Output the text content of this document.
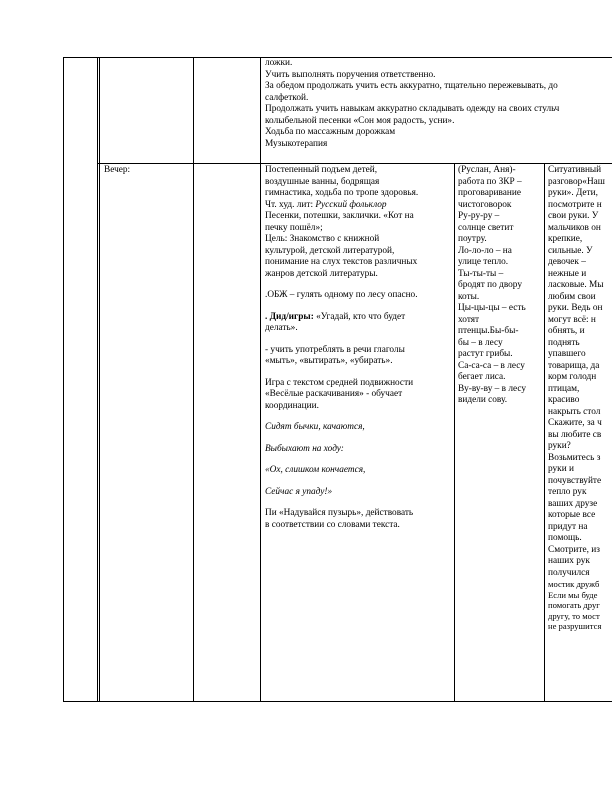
ложки.

Учить выполнять поручения ответственно.

За обедом продолжать учить есть аккуратно, тщательно пережевывать, до

салфеткой.

Продолжать учить навыкам аккуратно складывать одежду на своих стульч

колыбельной песенки «Сон моя радость, усни».

Ходьба по массажным дорожкам

Музыкотерапия

Вечер:	Постепенный подъем детей,

воздушные ванны, бодрящая

гимнастика, ходьба по тропе здоровья.

Чт. худ. лит: Русский фольклор

Песенки, потешки, заклички. «Кот на

печку пошёл»;

Цель: Знакомство с книжной

культурой, детской литературой,

понимание на слух текстов различных

жанров детской литературы.

.ОБЖ – гулять одному по лесу опасно.

. Дид/игры: «Угадай, кто что будет

делать».

- учить употреблять в речи глаголы

«мыть», «вытирать», «убирать».

Игра с текстом средней подвижности

«Весёлые раскачивания» - обучает

координации.

Сидят бычки, качаются,

Выбыхают на ходу:

«Ох, слишком кончается,

Сейчас я упаду!»

Пи «Надувайся пузырь», действовать

в соответствии со словами текста.

(Руслан, Аня)-

работа по ЗКР –

проговаривание

чистоговорок

Ру-ру-ру –

солнце светит

поутру.

Ло-ло-ло – на

улице тепло.

Ты-ты-ты –

бродят по двору

коты.

Цы-цы-цы – есть

хотят

птенцы.Бы-бы-

бы – в лесу

растут грибы.

Са-са-са – в лесу

бегает лиса.

Ву-ву-ву – в лесу

видели сову.

Ситуативный

разговор«Наш

руки». Дети,

посмотрите н

свои руки. У

мальчиков он

крепкие,

сильные. У

девочек –

нежные и

ласковые. Мы

любим свои

руки. Ведь он

могут всё: н

обнять, и

поднять

упавшего

товарища, да

корм голодн

птицам,

красиво

накрыть стол

Скажите, за ч

вы любите св

руки?

Возьмитесь з

руки и

почувствуйте

тепло рук

ваших друзе

которые все

придут на

помощь.

Смотрите, из

наших рук

получился

мостик дружб

Если мы буде

помогать друг

другу, то мост

не разрушится
